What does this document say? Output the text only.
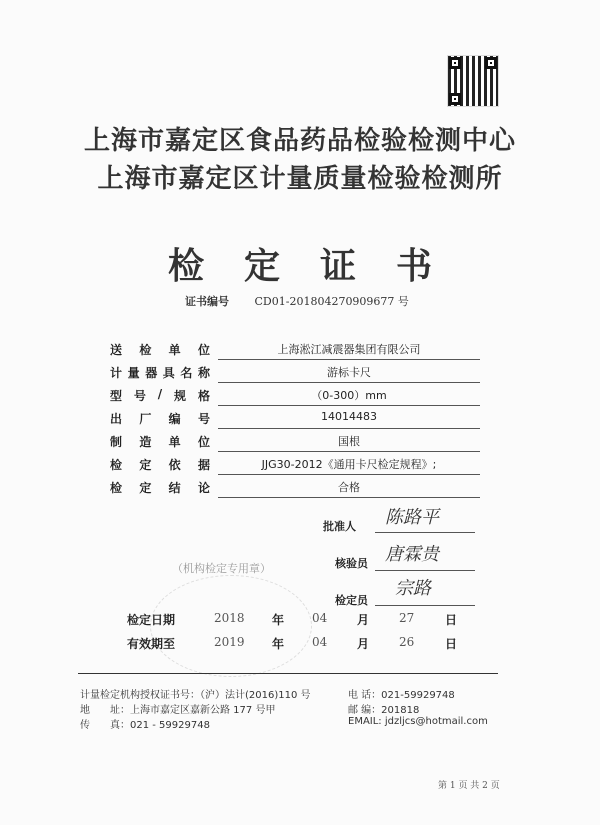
上海市嘉定区食品药品检验检测中心
上海市嘉定区计量质量检验检测所
检定证书
证书编号 CD01-201804270909677 号
送 检 单 位	上海淞江减震器集团有限公司
计 量 器 具 名 称	游标卡尺
型 号 / 规 格	（0-300）mm
出 厂 编 号	14014483
制 造 单 位	国根
检 定 依 据	JJG30-2012《通用卡尺检定规程》;
检 定 结 论	合格
批准人 陈路平
核验员 唐霖贵
检定员
宗路
（机构检定专用章）
检定日期	2018 年 04 月 27	日
有效期至	2019 年 04 月 26	日
计量检定机构授权证书号：（沪）法计(2016)110 号	电 话：021-59929748
地　　址：上海市嘉定区嘉新公路 177 号甲	邮 编：201818
传　　真：021 - 59929748	EMAIL: jdzljcs@hotmail.com
第 1 页 共 2 页
